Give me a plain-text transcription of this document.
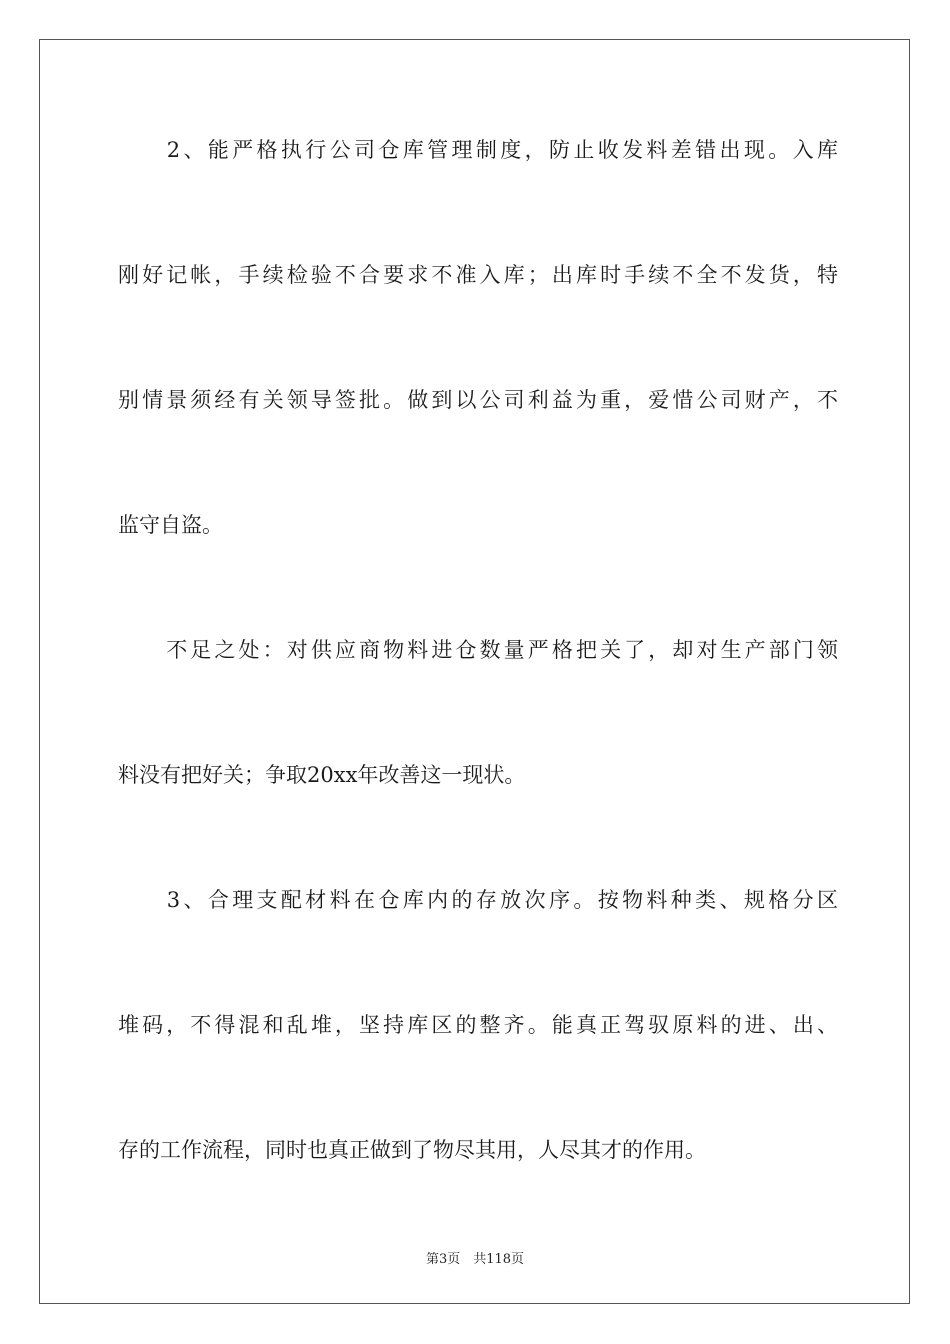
　　2、能严格执行公司仓库管理制度，防止收发料差错出现。入库
刚好记帐，手续检验不合要求不准入库；出库时手续不全不发货，特
别情景须经有关领导签批。做到以公司利益为重，爱惜公司财产，不
监守自盗。
　　不足之处：对供应商物料进仓数量严格把关了，却对生产部门领
料没有把好关；争取20xx年改善这一现状。
　　3、合理支配材料在仓库内的存放次序。按物料种类、规格分区
堆码，不得混和乱堆，坚持库区的整齐。能真正驾驭原料的进、出、
存的工作流程，同时也真正做到了物尽其用，人尽其才的作用。
第3页　共118页
